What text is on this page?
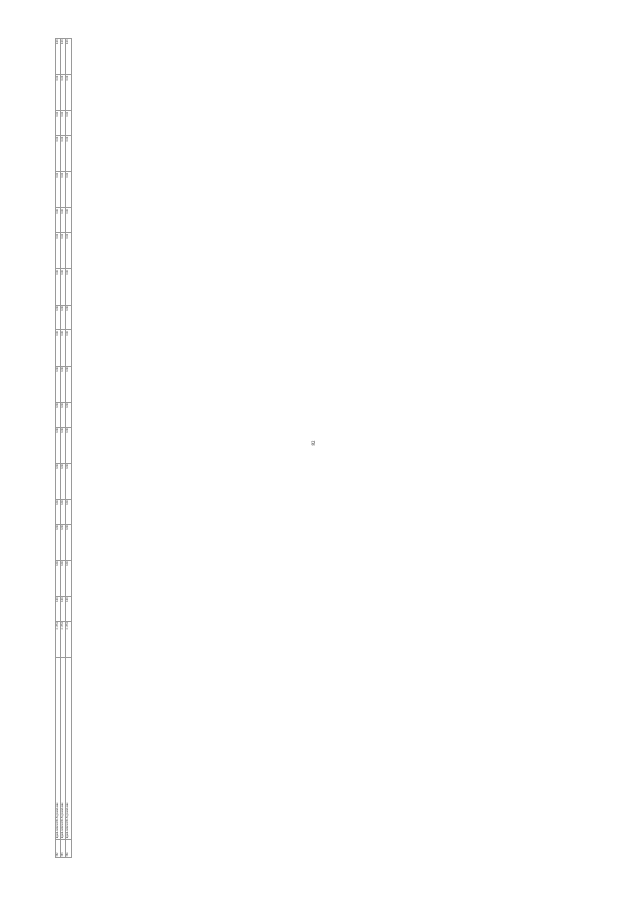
582	ligand-tethered-Ni-N-ground-state	2.1554	0.00	0.00	0.00	0.00	0.00	0.00	0.00	0.00	0.00	0.00	0.00	0.00	0.00	0.00	0.00	0.00	0.00	0.00
583	ligand-tethered-Ni-N-ground-state	2.1554	0.00	0.00	0.00	0.00	0.00	0.00	0.00	0.00	0.00	0.00	0.00	0.00	0.00	0.00	0.00	0.00	0.00	0.00
584	ligand-tethered-Ni-N-ground-state	2.1554	0.00	0.00	0.00	0.00	0.00	0.00	0.00	0.00	0.00	0.00	0.00	0.00	0.00	0.00	0.00	0.00	0.00	0.00
82
